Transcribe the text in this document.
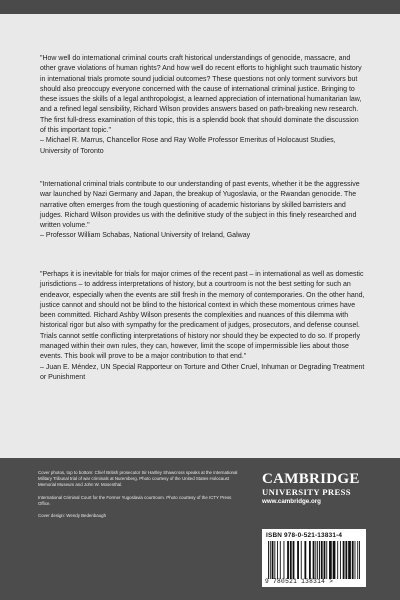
"How well do international criminal courts craft historical understandings of genocide, massacre, and other grave violations of human rights? And how well do recent efforts to highlight such traumatic history in international trials promote sound judicial outcomes? These questions not only torment survivors but should also preoccupy everyone concerned with the cause of international criminal justice. Bringing to these issues the skills of a legal anthropologist, a learned appreciation of international humanitarian law, and a refined legal sensibility, Richard Wilson provides answers based on path-breaking new research. The first full-dress examination of this topic, this is a splendid book that should dominate the discussion of this important topic."

– Michael R. Marrus, Chancellor Rose and Ray Wolfe Professor Emeritus of Holocaust Studies, University of Toronto

"International criminal trials contribute to our understanding of past events, whether it be the aggressive war launched by Nazi Germany and Japan, the breakup of Yugoslavia, or the Rwandan genocide. The narrative often emerges from the tough questioning of academic historians by skilled barristers and judges. Richard Wilson provides us with the definitive study of the subject in this finely researched and written volume."

– Professor William Schabas, National University of Ireland, Galway

"Perhaps it is inevitable for trials for major crimes of the recent past – in international as well as domestic jurisdictions – to address interpretations of history, but a courtroom is not the best setting for such an endeavor, especially when the events are still fresh in the memory of contemporaries. On the other hand, justice cannot and should not be blind to the historical context in which these momentous crimes have been committed. Richard Ashby Wilson presents the complexities and nuances of this dilemma with historical rigor but also with sympathy for the predicament of judges, prosecutors, and defense counsel. Trials cannot settle conflicting interpretations of history nor should they be expected to do so. If properly managed within their own rules, they can, however, limit the scope of impermissible lies about those events. This book will prove to be a major contribution to that end."

– Juan E. Méndez, UN Special Rapporteur on Torture and Other Cruel, Inhuman or Degrading Treatment or Punishment

Cover photos, top to bottom: Chief British prosecutor Sir Hartley Shawcross speaks at the International Military Tribunal trial of war criminals at Nuremberg. Photo courtesy of the United States Holocaust Memorial Museum and John W. Mosenthal.

International Criminal Court for the Former Yugoslavia courtroom. Photo courtesy of the ICTY Press Office.

Cover design: Wendy Bedenbaugh

CAMBRIDGE
UNIVERSITY PRESS
www.cambridge.org
ISBN 978-0-521-13831-4
9 780521 138314 >
